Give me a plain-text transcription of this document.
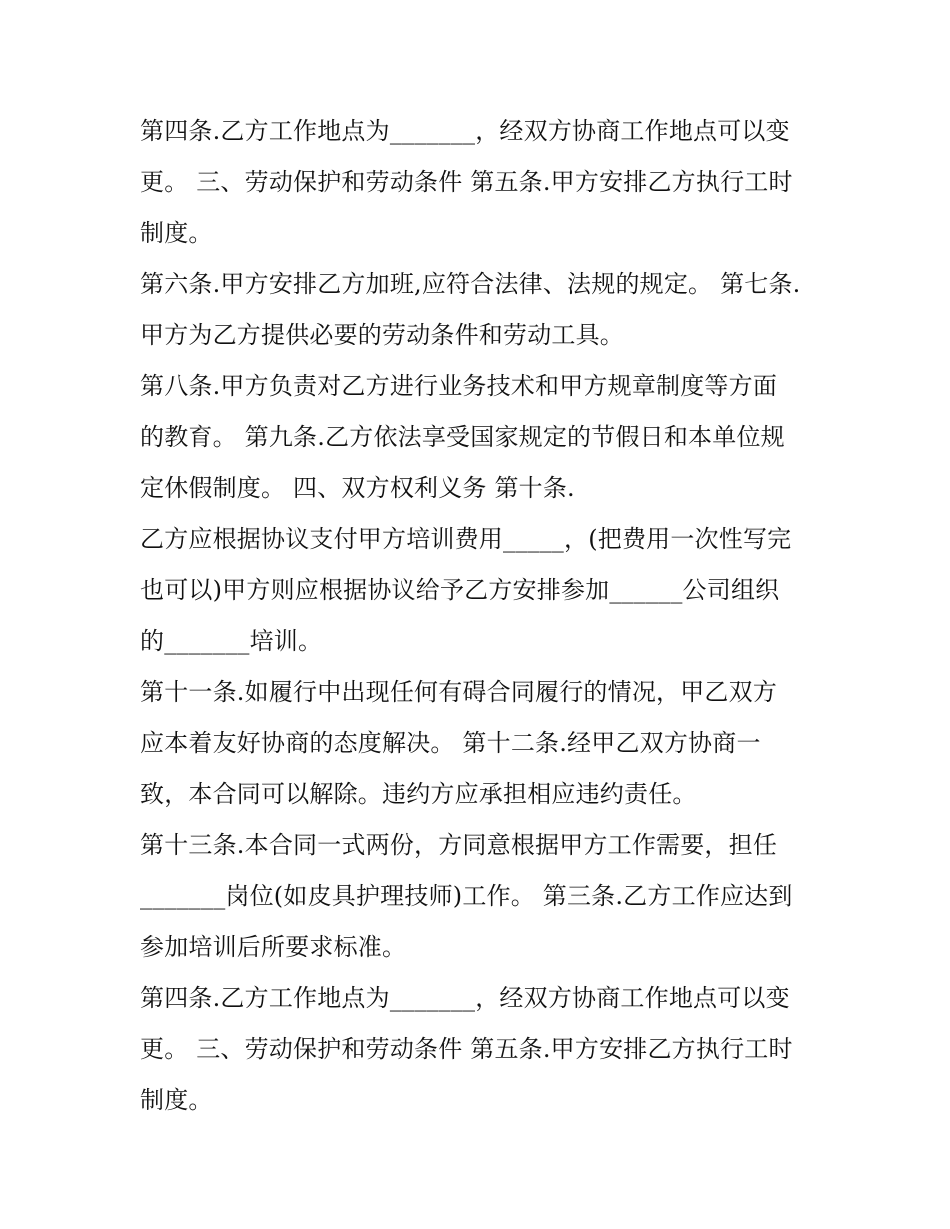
第四条.乙方工作地点为_______，经双方协商工作地点可以变
更。 三、劳动保护和劳动条件 第五条.甲方安排乙方执行工时
制度。
第六条.甲方安排乙方加班,应符合法律、法规的规定。 第七条.
甲方为乙方提供必要的劳动条件和劳动工具。
第八条.甲方负责对乙方进行业务技术和甲方规章制度等方面
的教育。 第九条.乙方依法享受国家规定的节假日和本单位规
定休假制度。 四、双方权利义务 第十条.
乙方应根据协议支付甲方培训费用_____，(把费用一次性写完
也可以)甲方则应根据协议给予乙方安排参加______公司组织
的_______培训。
第十一条.如履行中出现任何有碍合同履行的情况，甲乙双方
应本着友好协商的态度解决。 第十二条.经甲乙双方协商一
致，本合同可以解除。违约方应承担相应违约责任。
第十三条.本合同一式两份，方同意根据甲方工作需要，担任
_______岗位(如皮具护理技师)工作。 第三条.乙方工作应达到
参加培训后所要求标准。
第四条.乙方工作地点为_______，经双方协商工作地点可以变
更。 三、劳动保护和劳动条件 第五条.甲方安排乙方执行工时
制度。
